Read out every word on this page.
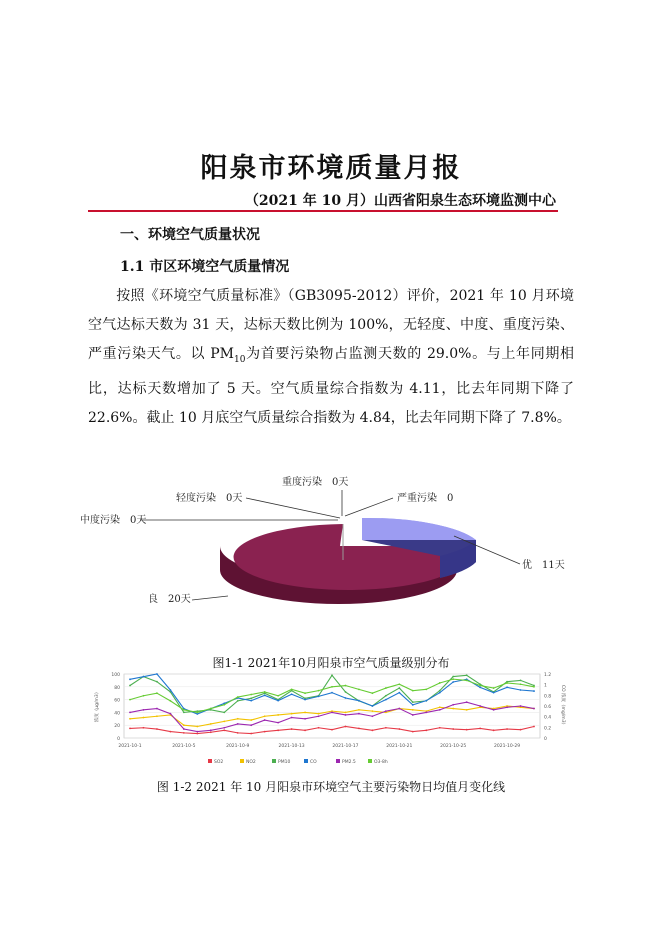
阳泉市环境质量月报
（2021 年 10 月）山西省阳泉生态环境监测中心
一、环境空气质量状况
1.1 市区环境空气质量情况
按照《环境空气质量标准》（GB3095-2012）评价，2021 年 10 月环境空气达标天数为 31 天，达标天数比例为 100%，无轻度、中度、重度污染、严重污染天气。以 $PM_{10}$为首要污染物占监测天数的 29.0%。与上年同期相比，达标天数增加了 5 天。空气质量综合指数为 4.11，比去年同期下降了 22.6%。截止 10 月底空气质量综合指数为 4.84，比去年同期下降了 7.8%。
重度污染　0天
严重污染　0
轻度污染　0天
中度污染　0天
优　11天
良　20天
图1-1 2021年10月阳泉市空气质量级别分布
100
80
60
40
20
0
1.2
1
0.8
0.6
0.4
0.2
0
浓度（μg/m3）	CO 浓度（mg/m3）
2021-10-1	2021-10-5	2021-10-9	2021-10-13	2021-10-17	2021-10-21	2021-10-25	2021-10-29
SO2	NO2	PM10	CO	PM2.5	O3-8h
图 1-2 2021 年 10 月阳泉市环境空气主要污染物日均值月变化线
